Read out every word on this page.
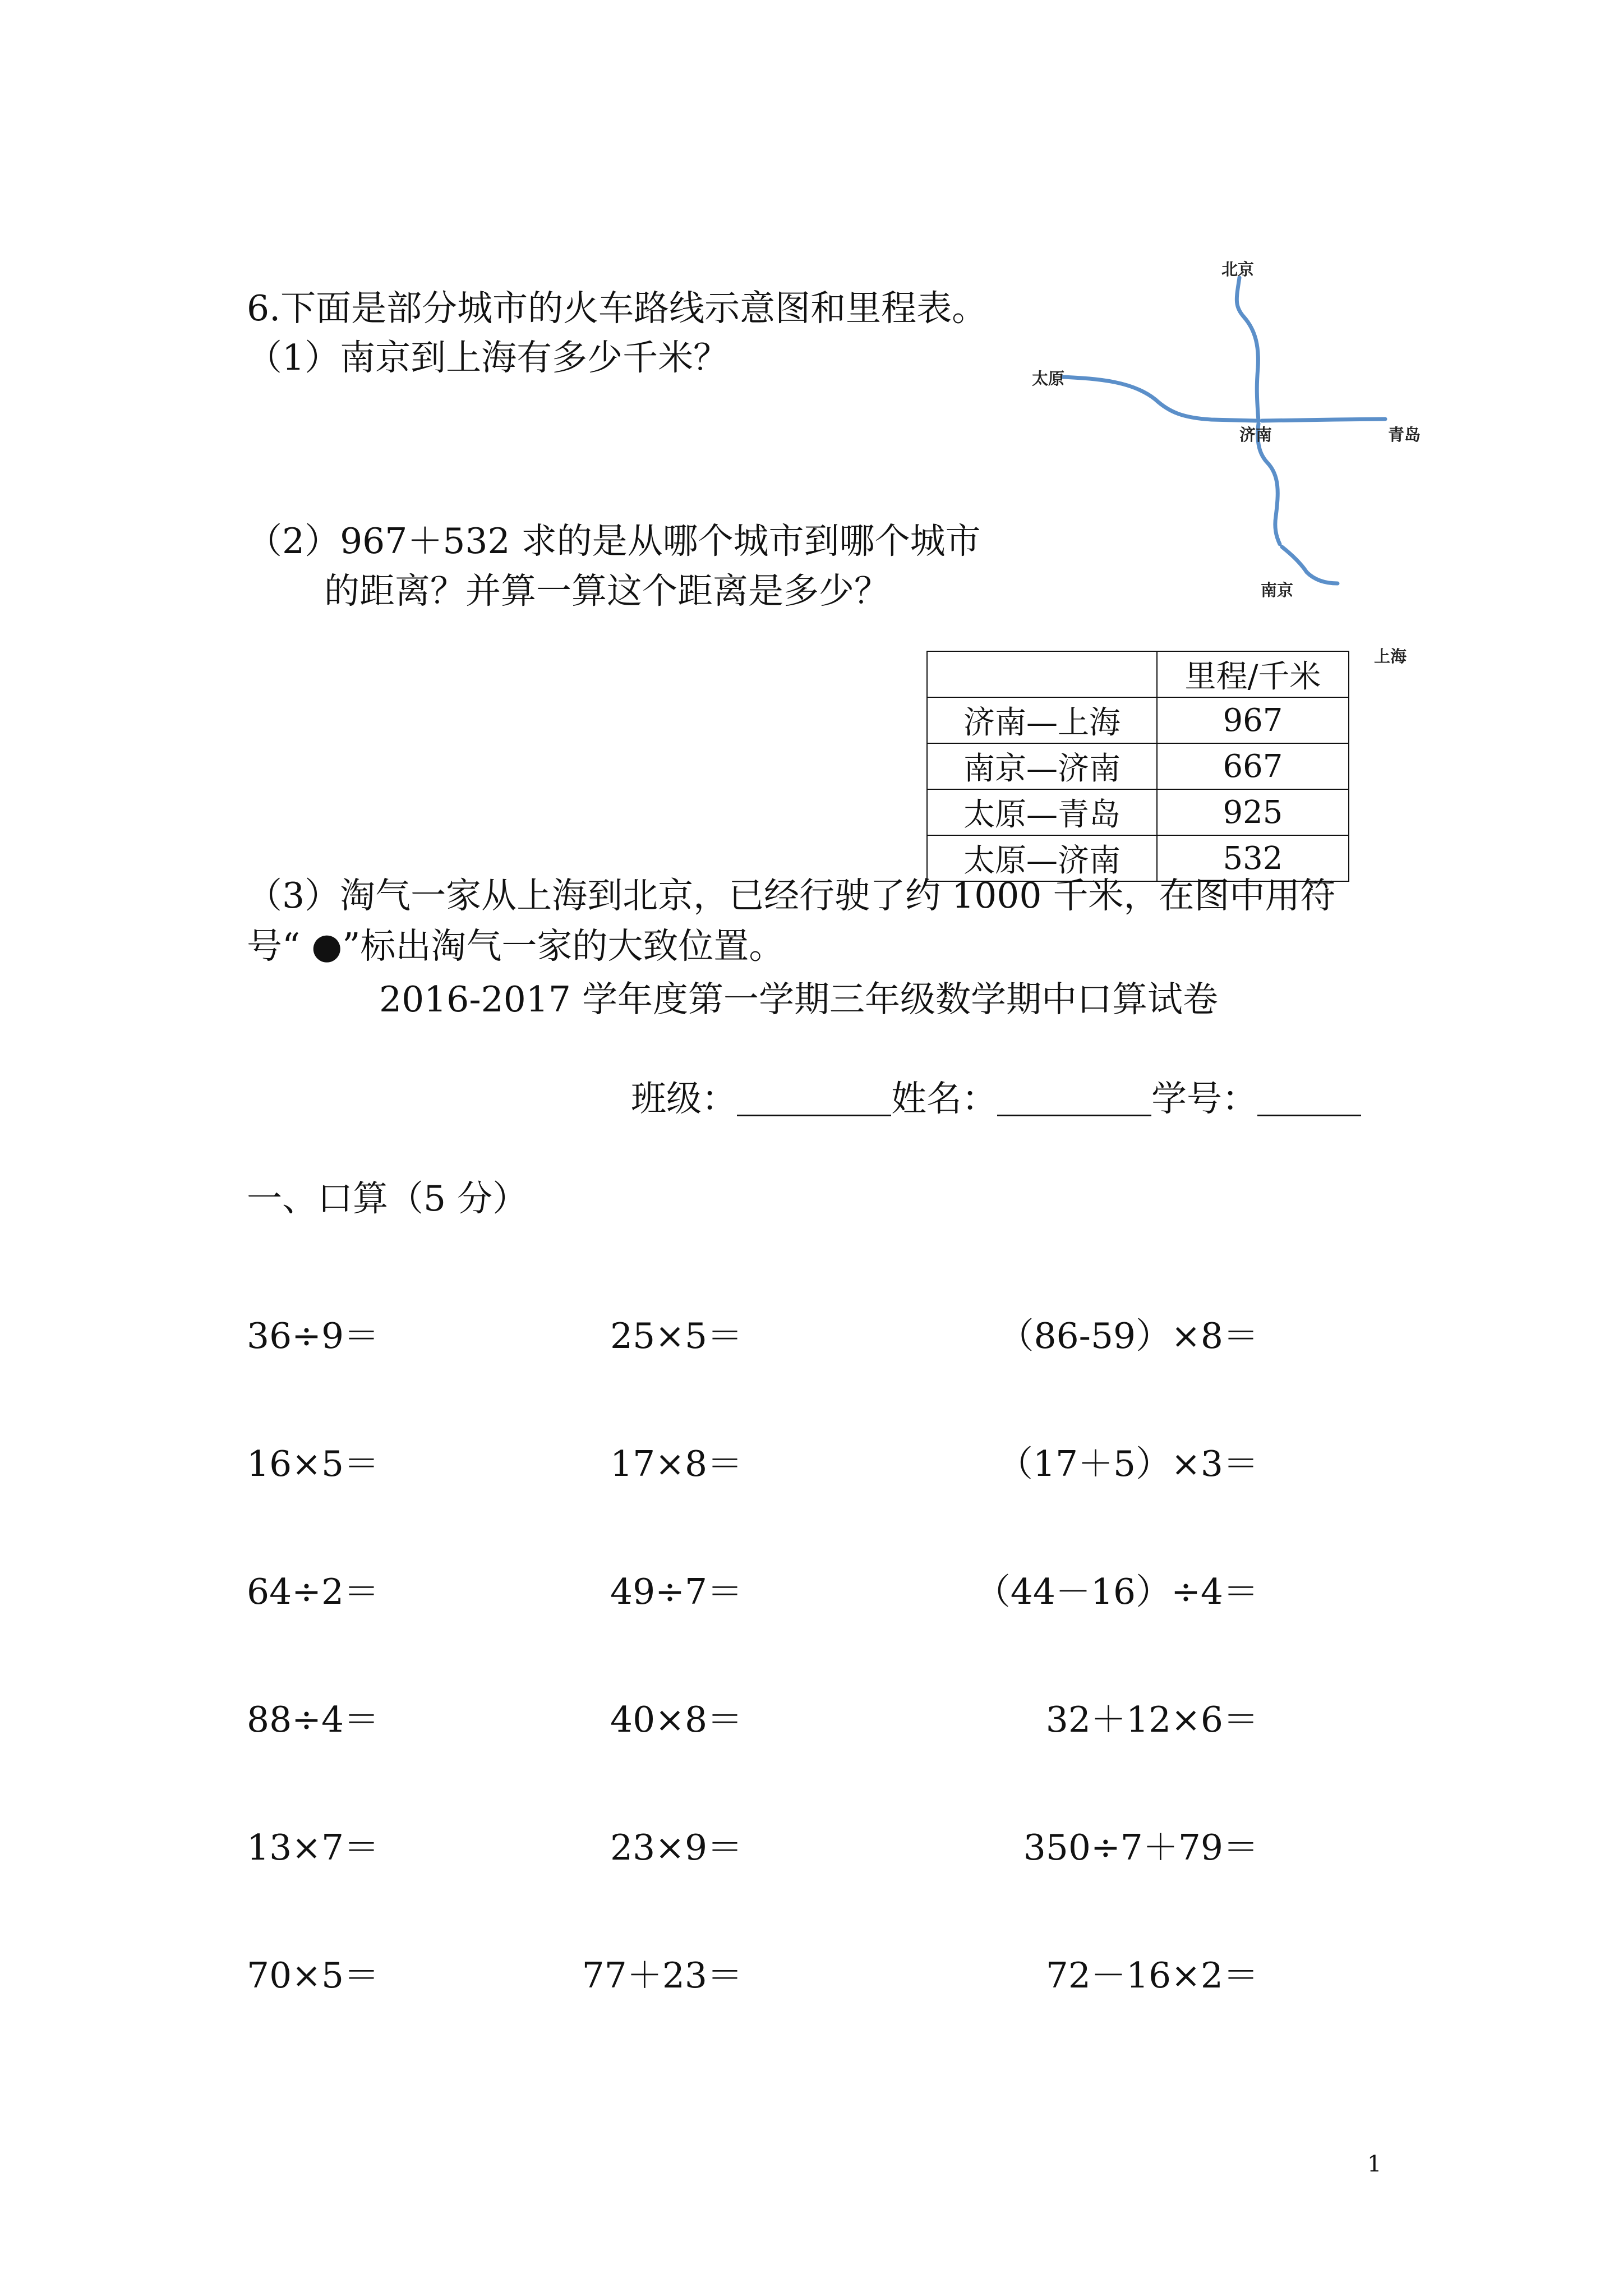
6.下面是部分城市的火车路线示意图和里程表。
（1）南京到上海有多少千米？
（2）967＋532 求的是从哪个城市到哪个城市
的距离？并算一算这个距离是多少？
（3）淘气一家从上海到北京，已经行驶了约 1000 千米，在图中用符
号“ ●”标出淘气一家的大致位置。
北京
太原
济南	青岛
南京
上海
	里程/千米
济南—上海	967
南京—济南	667
太原—青岛	925
太原—济南	532
2016-2017 学年度第一学期三年级数学期中口算试卷
班级：	姓名：	学号：
一、口算（5 分）
36÷9＝	25×5＝	（86-59）×8＝
16×5＝	17×8＝	（17＋5）×3＝
64÷2＝	49÷7＝	（44－16）÷4＝
88÷4＝	40×8＝	32＋12×6＝
13×7＝	23×9＝	350÷7＋79＝
70×5＝	77＋23＝	72－16×2＝
1
